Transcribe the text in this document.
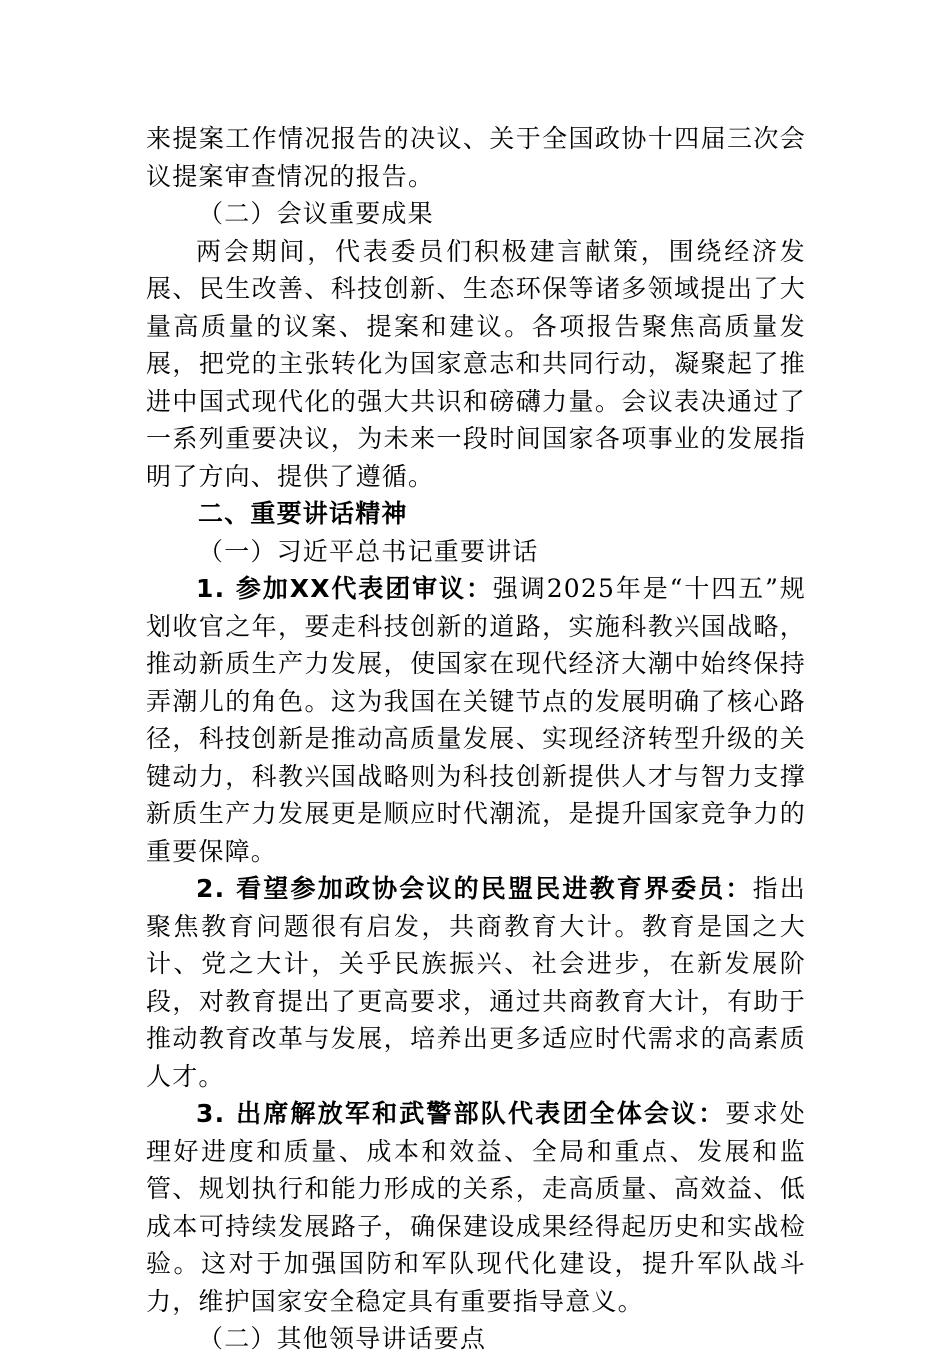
来提案工作情况报告的决议、关于全国政协十四届三次会议提案审查情况的报告。

（二）会议重要成果

两会期间，代表委员们积极建言献策，围绕经济发展、民生改善、科技创新、生态环保等诸多领域提出了大量高质量的议案、提案和建议。各项报告聚焦高质量发展，把党的主张转化为国家意志和共同行动，凝聚起了推进中国式现代化的强大共识和磅礴力量。会议表决通过了一系列重要决议，为未来一段时间国家各项事业的发展指明了方向、提供了遵循。

二、重要讲话精神

（一）习近平总书记重要讲话

1. 参加XX代表团审议：强调2025年是“十四五”规划收官之年，要走科技创新的道路，实施科教兴国战略，推动新质生产力发展，使国家在现代经济大潮中始终保持弄潮儿的角色。这为我国在关键节点的发展明确了核心路径，科技创新是推动高质量发展、实现经济转型升级的关键动力，科教兴国战略则为科技创新提供人才与智力支撑新质生产力发展更是顺应时代潮流，是提升国家竞争力的重要保障。

2. 看望参加政协会议的民盟民进教育界委员：指出聚焦教育问题很有启发，共商教育大计。教育是国之大计、党之大计，关乎民族振兴、社会进步，在新发展阶段，对教育提出了更高要求，通过共商教育大计，有助于推动教育改革与发展，培养出更多适应时代需求的高素质人才。

3. 出席解放军和武警部队代表团全体会议：要求处理好进度和质量、成本和效益、全局和重点、发展和监管、规划执行和能力形成的关系，走高质量、高效益、低成本可持续发展路子，确保建设成果经得起历史和实战检验。这对于加强国防和军队现代化建设，提升军队战斗力，维护国家安全稳定具有重要指导意义。

（二）其他领导讲话要点
